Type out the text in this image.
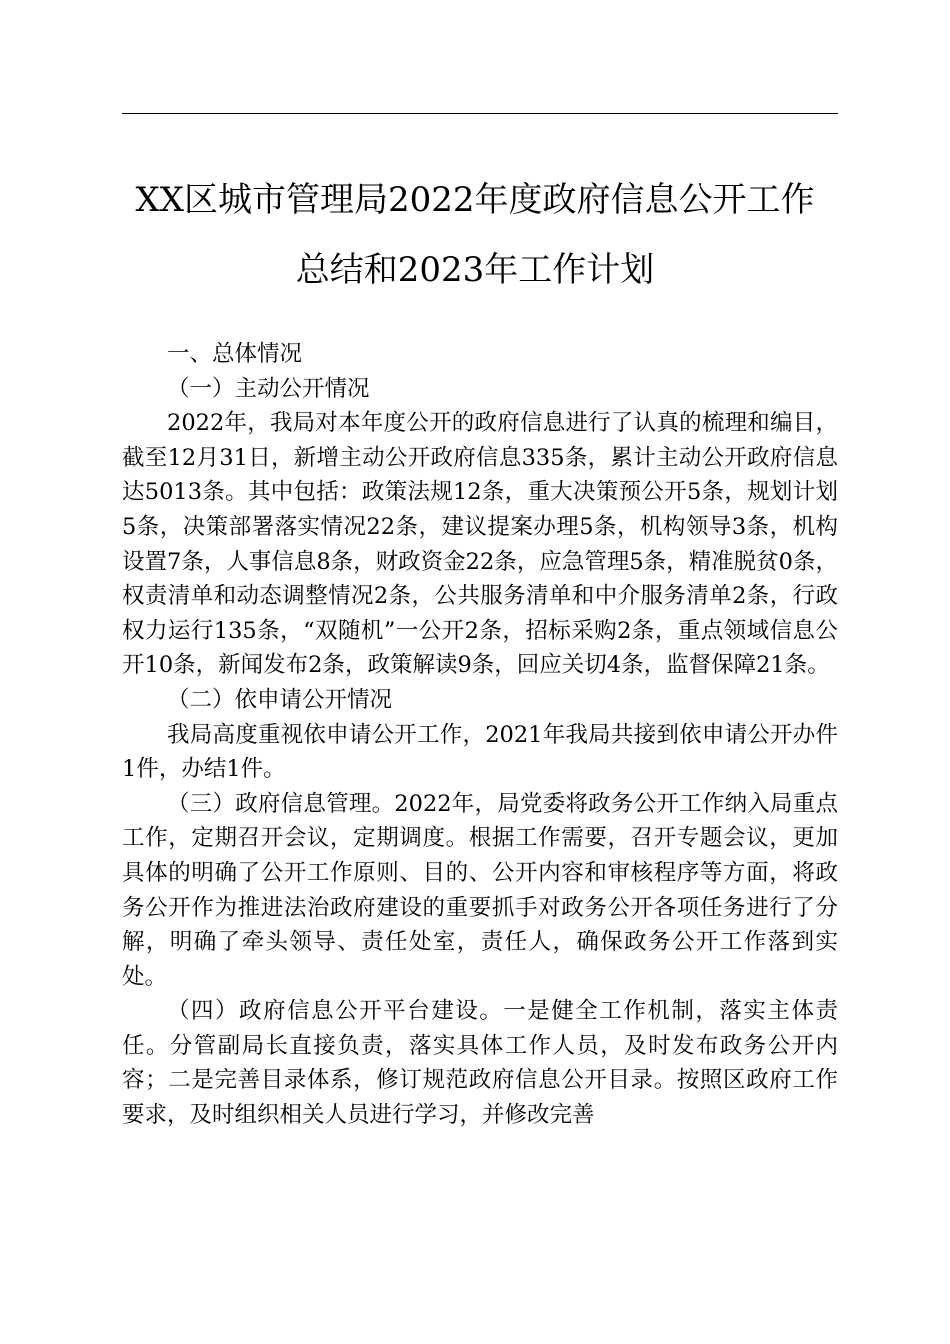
XX区城市管理局2022年度政府信息公开工作
总结和2023年工作计划

一、总体情况

（一）主动公开情况

2022年，我局对本年度公开的政府信息进行了认真的梳理和编目，截至12月31日，新增主动公开政府信息335条，累计主动公开政府信息达5013条。其中包括：政策法规12条，重大决策预公开5条，规划计划5条，决策部署落实情况22条，建议提案办理5条，机构领导3条，机构设置7条，人事信息8条，财政资金22条，应急管理5条，精准脱贫0条，权责清单和动态调整情况2条，公共服务清单和中介服务清单2条，行政权力运行135条，“双随机”一公开2条，招标采购2条，重点领域信息公开10条，新闻发布2条，政策解读9条，回应关切4条，监督保障21条。

（二）依申请公开情况

我局高度重视依申请公开工作，2021年我局共接到依申请公开办件1件，办结1件。

（三）政府信息管理。2022年，局党委将政务公开工作纳入局重点工作，定期召开会议，定期调度。根据工作需要，召开专题会议，更加具体的明确了公开工作原则、目的、公开内容和审核程序等方面，将政务公开作为推进法治政府建设的重要抓手对政务公开各项任务进行了分解，明确了牵头领导、责任处室，责任人，确保政务公开工作落到实处。

（四）政府信息公开平台建设。一是健全工作机制，落实主体责任。分管副局长直接负责，落实具体工作人员，及时发布政务公开内容；二是完善目录体系，修订规范政府信息公开目录。按照区政府工作要求，及时组织相关人员进行学习，并修改完善
